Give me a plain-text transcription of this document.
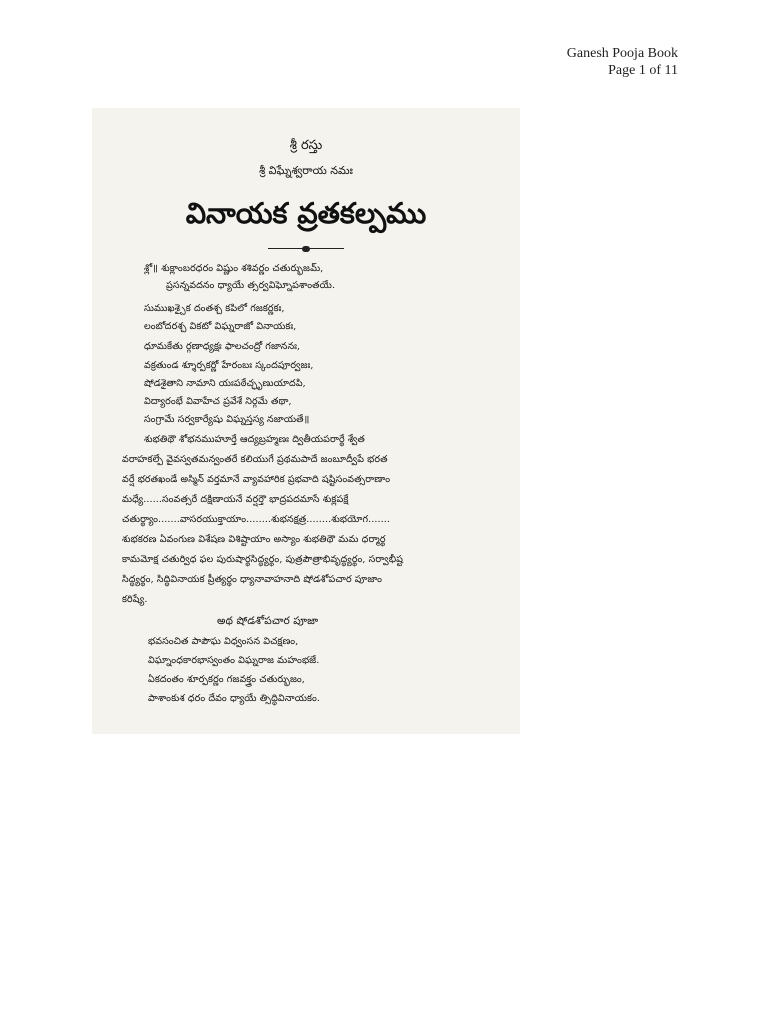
Ganesh Pooja Book
Page 1 of 11
శ్రీ రస్తు
శ్రీ విఘ్నేశ్వరాయ నమః
వినాయక వ్రతకల్పము
శ్లో॥ శుక్లాంబరధరం విష్ణుం శశివర్ణం చతుర్భుజమ్,
ప్రసన్నవదనం ధ్యాయే త్సర్వవిఘ్నోపశాంతయే.
సుముఖశ్చైక దంతశ్చ కపిలో గజకర్ణకః,
లంబోదరశ్చ వికటో విఘ్నరాజో వినాయకః,
ధూమకేతు ర్గణాధ్యక్షః ఫాలచంద్రో గజాననః,
వక్రతుండ శ్శూర్పకర్ణో హేరంబః స్కందపూర్వజః,
షోడశైతాని నామాని యఃపఠేచ్ఛృణుయాదపి,
విద్యారంభే వివాహేచ ప్రవేశే నిర్గమే తథా,
సంగ్రామే సర్వకార్యేషు విఘ్నస్తస్య నజాయతే॥
శుభతిథౌ శోభనముహూర్తే ఆద్యబ్రహ్మణః ద్వితీయపరార్థే శ్వేత
వరాహకల్పే వైవస్వతమన్వంతరే కలియుగే ప్రథమపాదే జంబూద్వీపే భరత
వర్షే భరతఖండే అస్మిన్ వర్తమానే వ్యావహారిక ప్రభవాది షష్టిసంవత్సరాణాం
మధ్యే......సంవత్సరే దక్షిణాయనే వర్షర్తౌ భాద్రపదమాసే శుక్లపక్షే
చతుర్థ్యాం.......వాసరయుక్తాయాం........శుభనక్షత్ర........శుభయోగ.......
శుభకరణ ఏవంగుణ విశేషణ విశిష్టాయాం అస్యాం శుభతిథౌ మమ ధర్మార్థ
కామమోక్ష చతుర్విధ ఫల పురుషార్థసిద్ధ్యర్థం, పుత్రపౌత్రాభివృద్ధ్యర్థం, సర్వాభీష్ట
సిద్ధ్యర్థం, సిద్ధివినాయక ప్రీత్యర్థం ధ్యానావాహనాది షోడశోపచార పూజాం
కరిష్యే.
అథ షోడశోపచార పూజా
భవసంచిత పాపౌఘ విధ్వంసన విచక్షణం,
విఘ్నాంధకారభాస్వంతం విఘ్నరాజ మహంభజే.
ఏకదంతం శూర్పకర్ణం గజవక్త్రం చతుర్భుజం,
పాశాంకుశ ధరం దేవం ధ్యాయే త్సిద్ధివినాయకం.
